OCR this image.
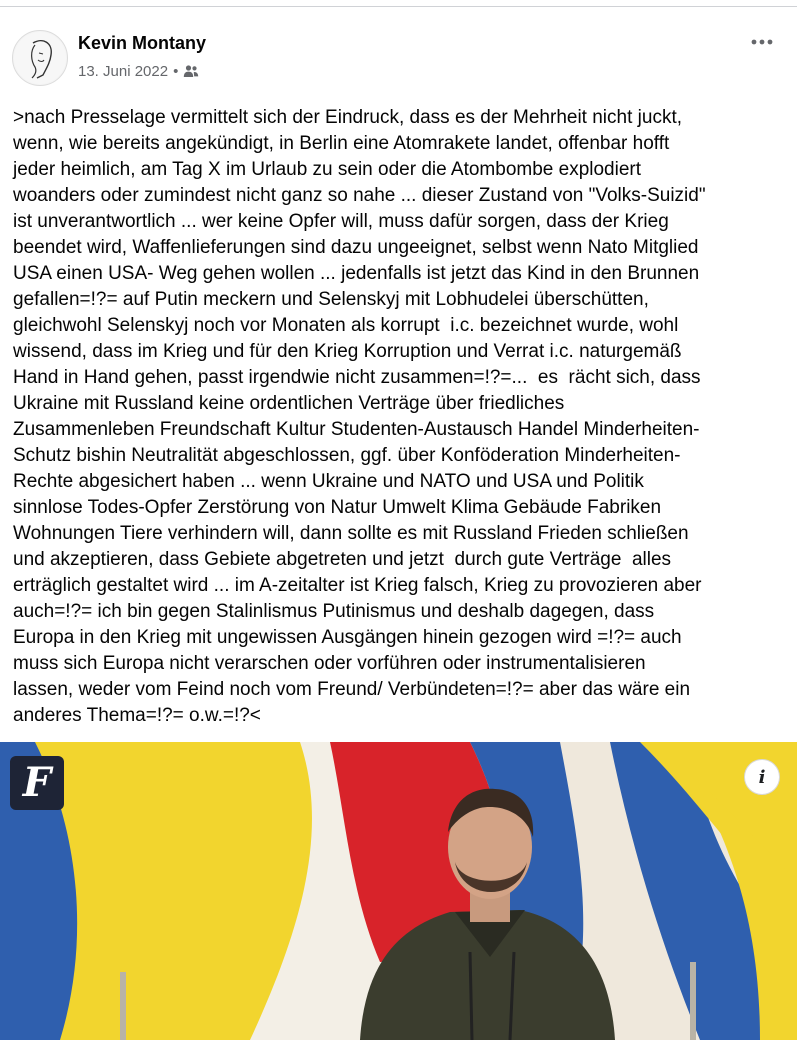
Kevin Montany
13. Juni 2022 •

>nach Presselage vermittelt sich der Eindruck, dass es der Mehrheit nicht juckt,
wenn, wie bereits angekündigt, in Berlin eine Atomrakete landet, offenbar hofft
jeder heimlich, am Tag X im Urlaub zu sein oder die Atombombe explodiert
woanders oder zumindest nicht ganz so nahe ... dieser Zustand von "Volks-Suizid"
ist unverantwortlich ... wer keine Opfer will, muss dafür sorgen, dass der Krieg
beendet wird, Waffenlieferungen sind dazu ungeeignet, selbst wenn Nato Mitglied
USA einen USA- Weg gehen wollen ... jedenfalls ist jetzt das Kind in den Brunnen
gefallen=!?= auf Putin meckern und Selenskyj mit Lobhudelei überschütten,
gleichwohl Selenskyj noch vor Monaten als korrupt  i.c. bezeichnet wurde, wohl
wissend, dass im Krieg und für den Krieg Korruption und Verrat i.c. naturgemäß
Hand in Hand gehen, passt irgendwie nicht zusammen=!?=...  es  rächt sich, dass
Ukraine mit Russland keine ordentlichen Verträge über friedliches
Zusammenleben Freundschaft Kultur Studenten-Austausch Handel Minderheiten-
Schutz bishin Neutralität abgeschlossen, ggf. über Konföderation Minderheiten-
Rechte abgesichert haben ... wenn Ukraine und NATO und USA und Politik
sinnlose Todes-Opfer Zerstörung von Natur Umwelt Klima Gebäude Fabriken
Wohnungen Tiere verhindern will, dann sollte es mit Russland Frieden schließen
und akzeptieren, dass Gebiete abgetreten und jetzt  durch gute Verträge  alles
erträglich gestaltet wird ... im A-zeitalter ist Krieg falsch, Krieg zu provozieren aber
auch=!?= ich bin gegen Stalinlismus Putinismus und deshalb dagegen, dass
Europa in den Krieg mit ungewissen Ausgängen hinein gezogen wird =!?= auch
muss sich Europa nicht verarschen oder vorführen oder instrumentalisieren
lassen, weder vom Feind noch vom Freund/ Verbündeten=!?= aber das wäre ein
anderes Thema=!?= o.w.=!?<

F	i
